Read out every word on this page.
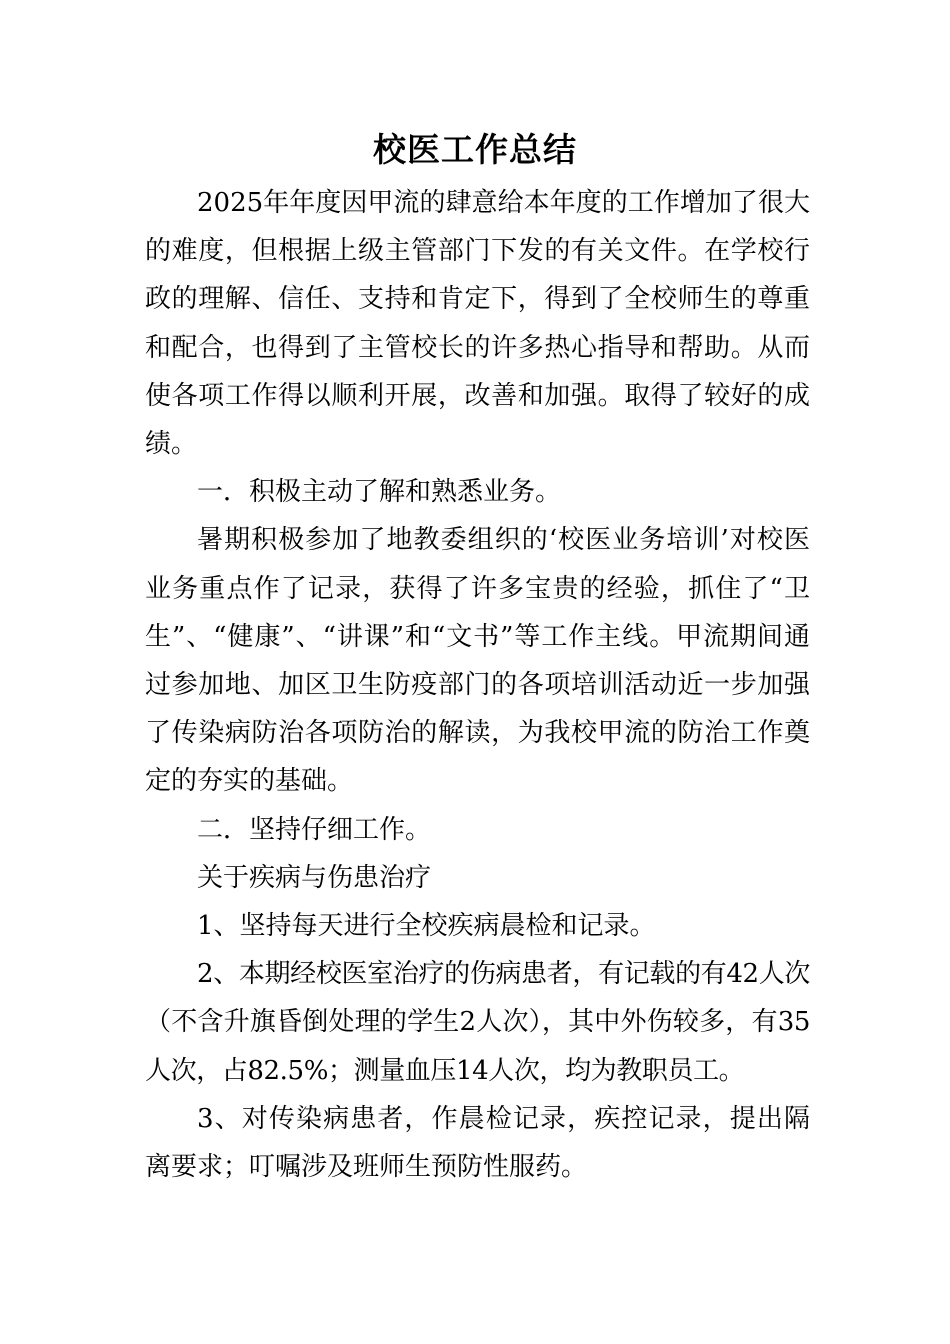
校医工作总结

2025年年度因甲流的肆意给本年度的工作增加了很大的难度，但根据上级主管部门下发的有关文件。在学校行政的理解、信任、支持和肯定下，得到了全校师生的尊重和配合，也得到了主管校长的许多热心指导和帮助。从而使各项工作得以顺利开展，改善和加强。取得了较好的成绩。

一．积极主动了解和熟悉业务。

暑期积极参加了地教委组织的‘校医业务培训’对校医业务重点作了记录，获得了许多宝贵的经验，抓住了“卫生”、“健康”、“讲课”和“文书”等工作主线。甲流期间通过参加地、加区卫生防疫部门的各项培训活动近一步加强了传染病防治各项防治的解读，为我校甲流的防治工作奠定的夯实的基础。

二．坚持仔细工作。

关于疾病与伤患治疗

1、坚持每天进行全校疾病晨检和记录。

2、本期经校医室治疗的伤病患者，有记载的有42人次（不含升旗昏倒处理的学生2人次），其中外伤较多，有35人次，占82.5%；测量血压14人次，均为教职员工。

3、对传染病患者，作晨检记录，疾控记录，提出隔离要求；叮嘱涉及班师生预防性服药。
